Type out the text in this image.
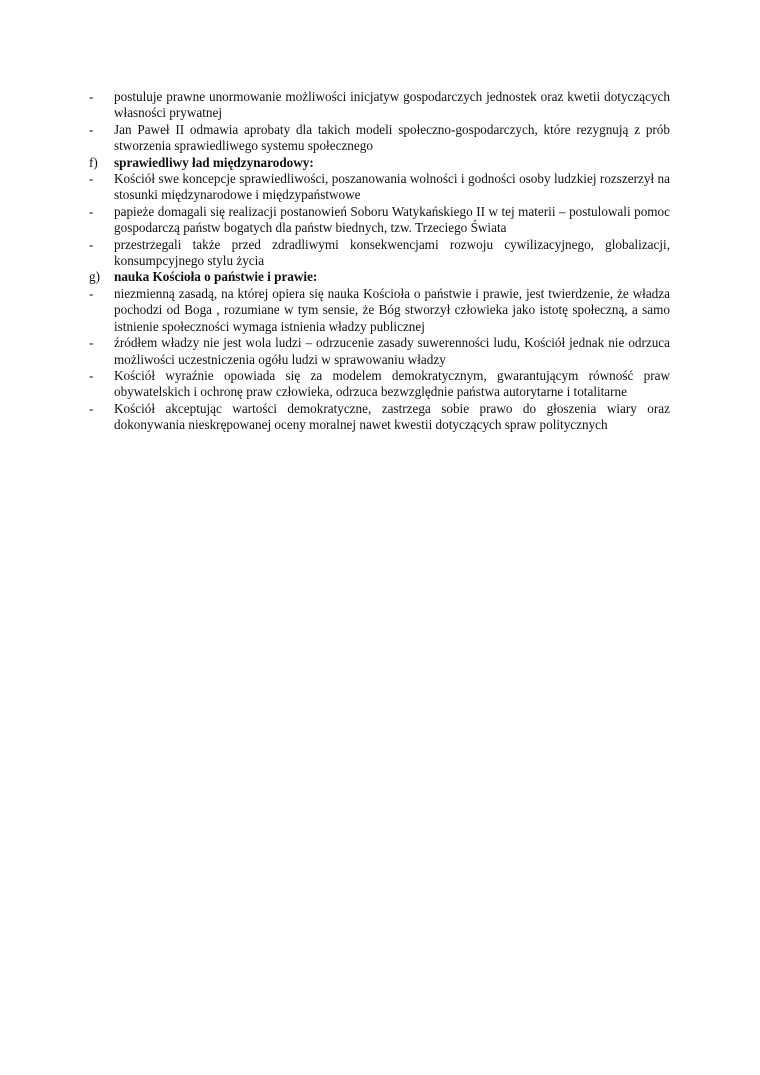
-	postuluje prawne unormowanie możliwości inicjatyw gospodarczych jednostek oraz kwetii dotyczących własności prywatnej
-	Jan Paweł II odmawia aprobaty dla takich modeli społeczno-gospodarczych, które rezygnują z prób stworzenia sprawiedliwego systemu społecznego
f)	sprawiedliwy ład międzynarodowy:
-	Kościół swe koncepcje sprawiedliwości, poszanowania wolności i godności osoby ludzkiej rozszerzył na stosunki międzynarodowe i międzypaństwowe
-	papieże domagali się realizacji postanowień Soboru Watykańskiego II w tej materii – postulowali pomoc gospodarczą państw bogatych dla państw biednych, tzw. Trzeciego Świata
-	przestrzegali także przed zdradliwymi konsekwencjami rozwoju cywilizacyjnego, globalizacji, konsumpcyjnego stylu życia
g)	nauka Kościoła o państwie i prawie:
-	niezmienną zasadą, na której opiera się nauka Kościoła o państwie i prawie, jest twierdzenie, że władza pochodzi od Boga , rozumiane w tym sensie, że Bóg stworzył człowieka jako istotę społeczną, a samo istnienie społeczności wymaga istnienia władzy publicznej
-	źródłem władzy nie jest wola ludzi – odrzucenie zasady suwerenności ludu, Kościół jednak nie odrzuca możliwości uczestniczenia ogółu ludzi w sprawowaniu władzy
-	Kościół wyraźnie opowiada się za modelem demokratycznym, gwarantującym równość praw obywatelskich i ochronę praw człowieka, odrzuca bezwzględnie państwa autorytarne i totalitarne
-	Kościół akceptując wartości demokratyczne, zastrzega sobie prawo do głoszenia wiary oraz dokonywania nieskrępowanej oceny moralnej nawet kwestii dotyczących spraw politycznych
